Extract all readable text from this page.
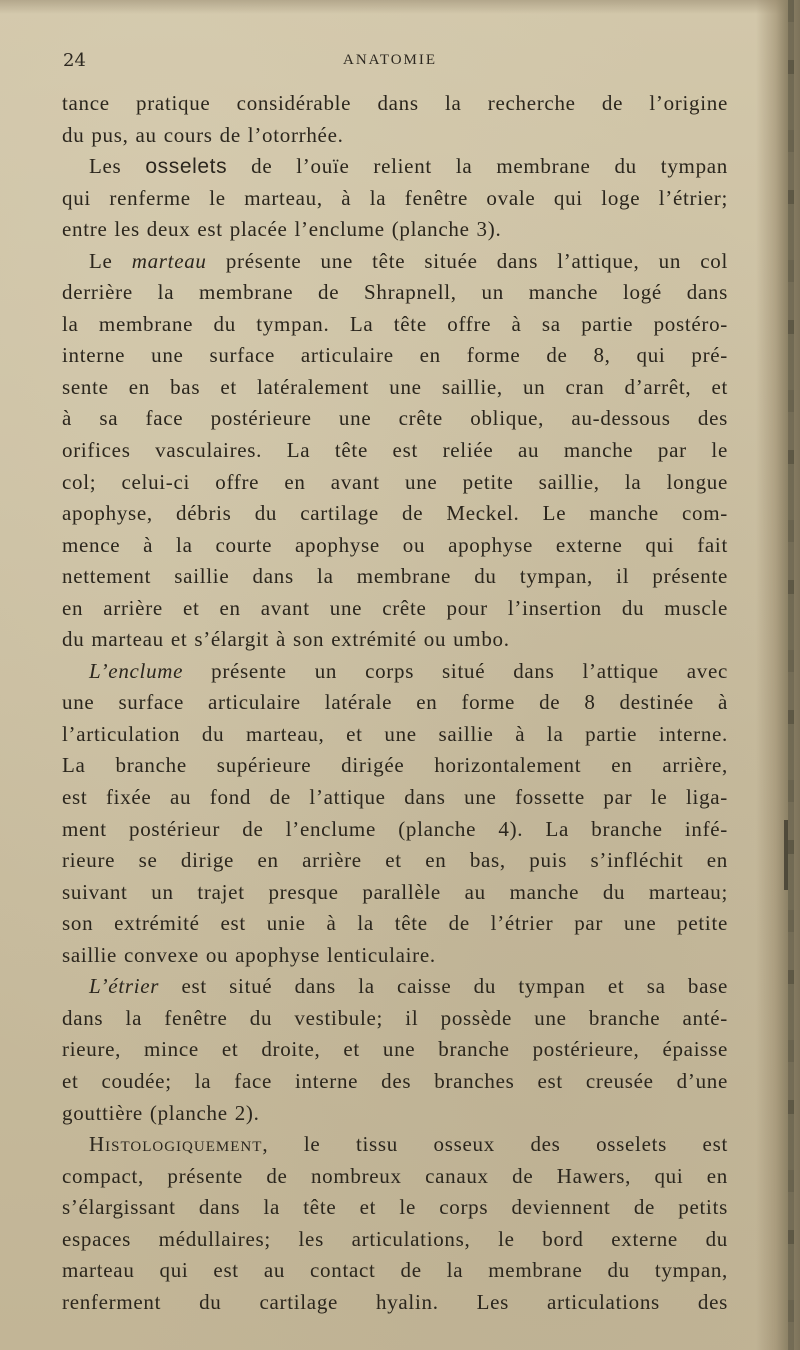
24	ANATOMIE
tance pratique considérable dans la recherche de l’origine
du pus, au cours de l’otorrhée.
Les osselets de l’ouïe relient la membrane du tympan
qui renferme le marteau, à la fenêtre ovale qui loge l’étrier;
entre les deux est placée l’enclume (planche 3).
Le marteau présente une tête située dans l’attique, un col
derrière la membrane de Shrapnell, un manche logé dans
la membrane du tympan. La tête offre à sa partie postéro-
interne une surface articulaire en forme de 8, qui pré-
sente en bas et latéralement une saillie, un cran d’arrêt, et
à sa face postérieure une crête oblique, au-dessous des
orifices vasculaires. La tête est reliée au manche par le
col; celui-ci offre en avant une petite saillie, la longue
apophyse, débris du cartilage de Meckel. Le manche com-
mence à la courte apophyse ou apophyse externe qui fait
nettement saillie dans la membrane du tympan, il présente
en arrière et en avant une crête pour l’insertion du muscle
du marteau et s’élargit à son extrémité ou umbo.
L’enclume présente un corps situé dans l’attique avec
une surface articulaire latérale en forme de 8 destinée à
l’articulation du marteau, et une saillie à la partie interne.
La branche supérieure dirigée horizontalement en arrière,
est fixée au fond de l’attique dans une fossette par le liga-
ment postérieur de l’enclume (planche 4). La branche infé-
rieure se dirige en arrière et en bas, puis s’infléchit en
suivant un trajet presque parallèle au manche du marteau;
son extrémité est unie à la tête de l’étrier par une petite
saillie convexe ou apophyse lenticulaire.
L’étrier est situé dans la caisse du tympan et sa base
dans la fenêtre du vestibule; il possède une branche anté-
rieure, mince et droite, et une branche postérieure, épaisse
et coudée; la face interne des branches est creusée d’une
gouttière (planche 2).
Histologiquement, le tissu osseux des osselets est
compact, présente de nombreux canaux de Hawers, qui en
s’élargissant dans la tête et le corps deviennent de petits
espaces médullaires; les articulations, le bord externe du
marteau qui est au contact de la membrane du tympan,
renferment du cartilage hyalin. Les articulations des
